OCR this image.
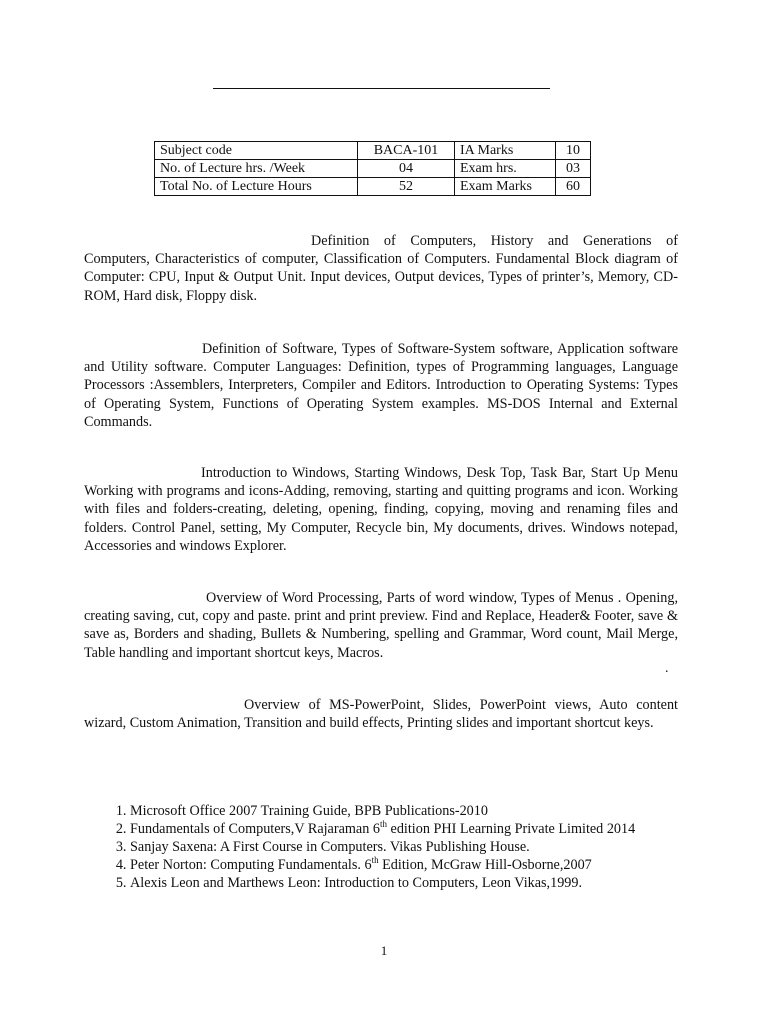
Subject code	BACA-101	IA Marks	10
No. of Lecture hrs. /Week	04	Exam hrs.	03
Total No. of Lecture Hours	52	Exam Marks	60

Definition of Computers, History and Generations of Computers, Characteristics of computer, Classification of Computers. Fundamental Block diagram of Computer: CPU, Input & Output Unit. Input devices, Output devices, Types of printer’s, Memory, CD-ROM, Hard disk, Floppy disk.

Definition of Software, Types of Software-System software, Application software and Utility software. Computer Languages: Definition, types of Programming languages, Language Processors :Assemblers, Interpreters, Compiler and Editors. Introduction to Operating Systems: Types of Operating System, Functions of Operating System examples. MS-DOS Internal and External Commands.

Introduction to Windows, Starting Windows, Desk Top, Task Bar, Start Up Menu Working with programs and icons-Adding, removing, starting and quitting programs and icon. Working with files and folders-creating, deleting, opening, finding, copying, moving and renaming files and folders. Control Panel, setting, My Computer, Recycle bin, My documents, drives. Windows notepad, Accessories and windows Explorer.

Overview of Word Processing, Parts of word window, Types of Menus . Opening, creating saving, cut, copy and paste. print and print preview. Find and Replace, Header& Footer, save & save as, Borders and shading, Bullets & Numbering, spelling and Grammar, Word count, Mail Merge, Table handling and important shortcut keys, Macros.

.

Overview of MS-PowerPoint, Slides, PowerPoint views, Auto content wizard, Custom Animation, Transition and build effects, Printing slides and important shortcut keys.

1. Microsoft Office 2007 Training Guide, BPB Publications-2010
2. Fundamentals of Computers,V Rajaraman 6th edition PHI Learning Private Limited 2014
3. Sanjay Saxena: A First Course in Computers. Vikas Publishing House.
4. Peter Norton: Computing Fundamentals. 6th Edition, McGraw Hill-Osborne,2007
5. Alexis Leon and Marthews Leon: Introduction to Computers, Leon Vikas,1999.
1
